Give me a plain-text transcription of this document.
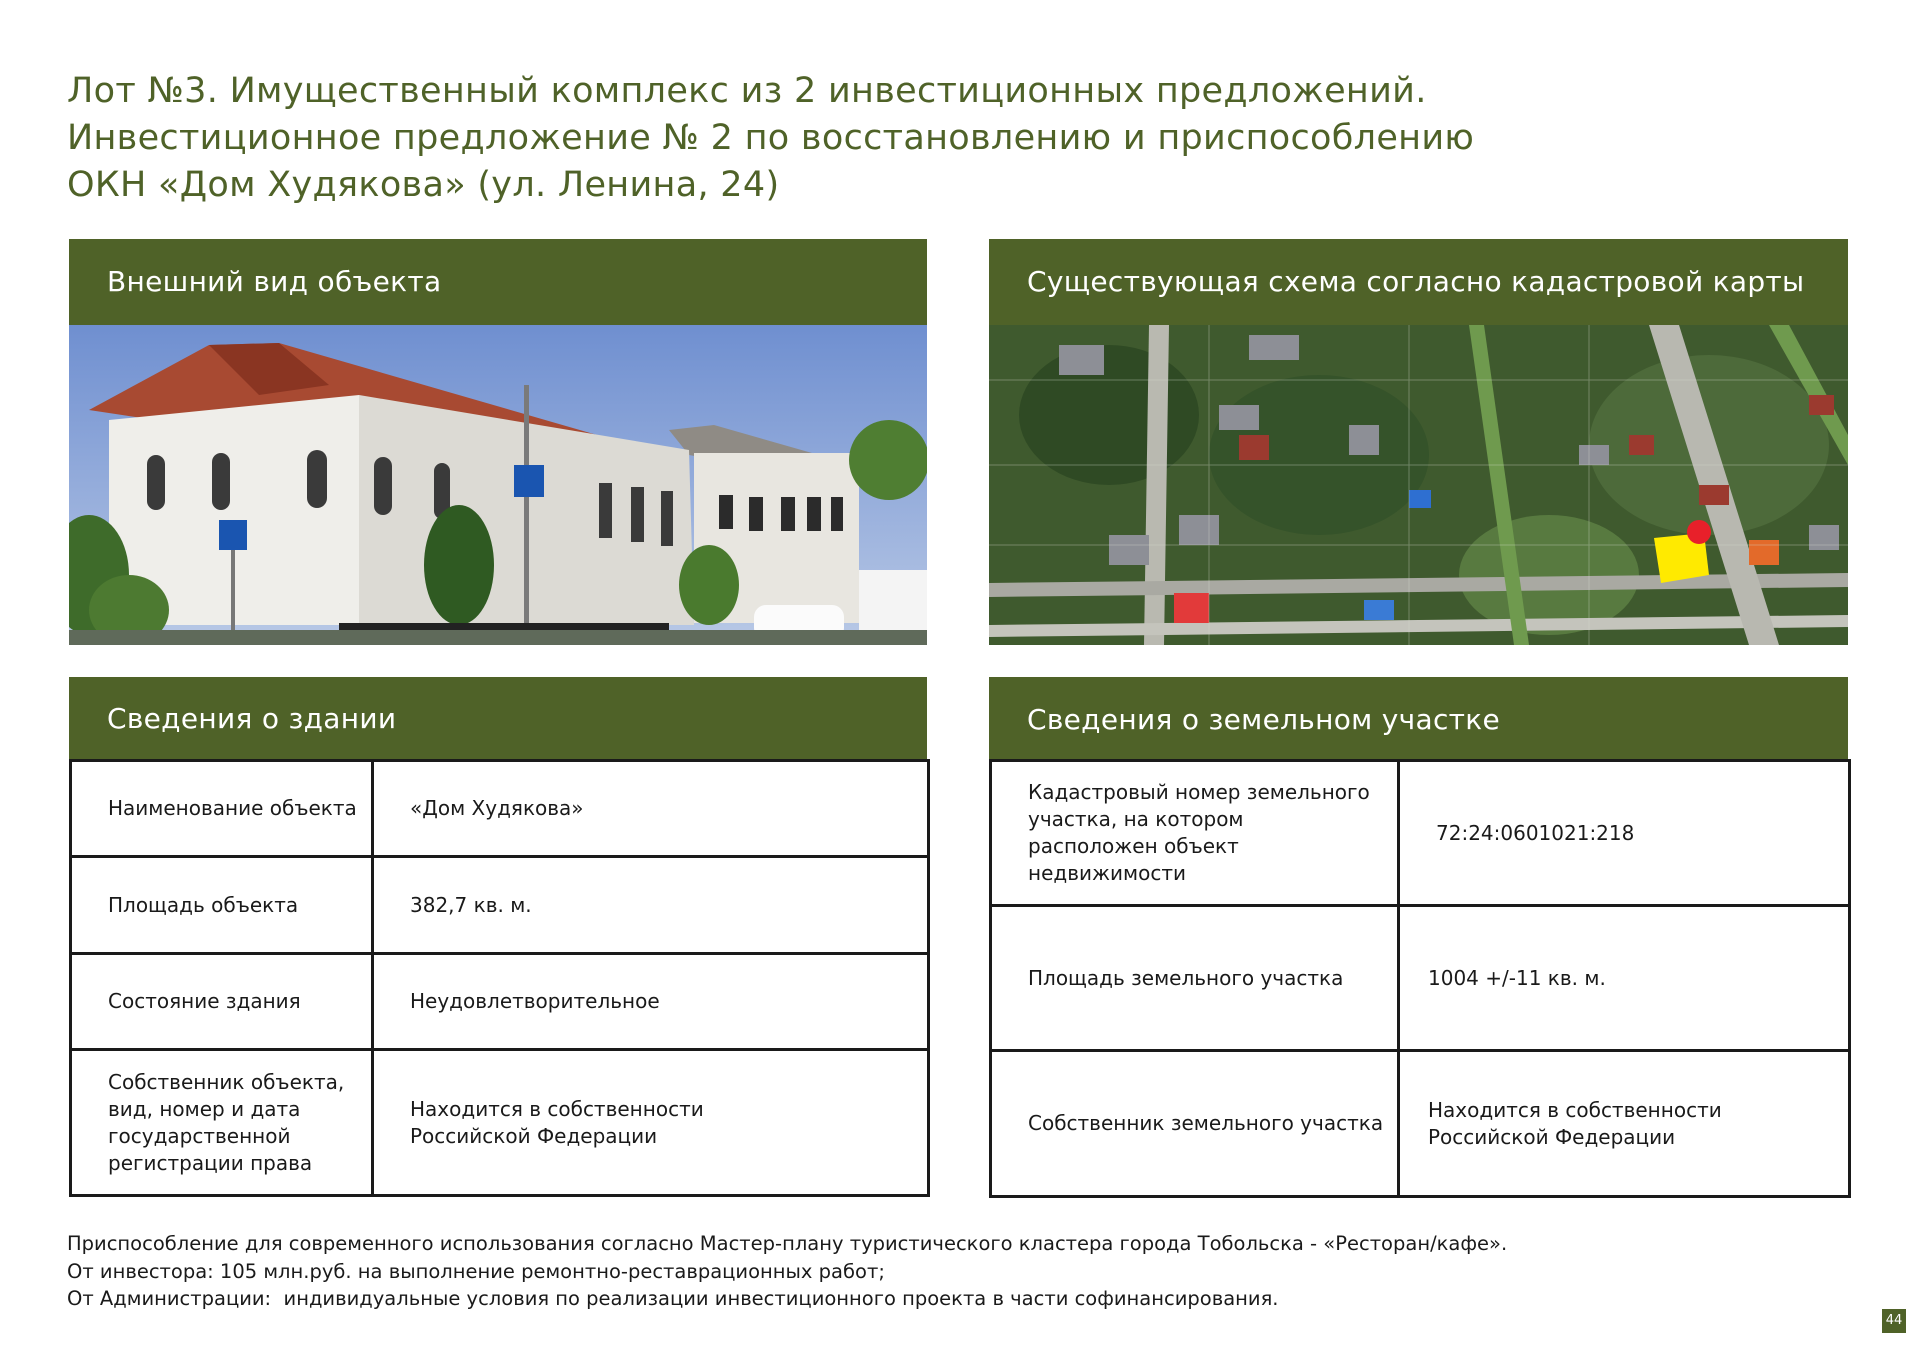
Лот №3. Имущественный комплекс из 2 инвестиционных предложений.
Инвестиционное предложение № 2 по восстановлению и приспособлению
ОКН «Дом Худякова» (ул. Ленина, 24)
Внешний вид объекта	Существующая схема согласно кадастровой карты
Сведения о здании
Наименование объекта	«Дом Худякова»
Площадь объекта	382,7 кв. м.
Состояние здания	Неудовлетворительное
Собственник объекта, вид, номер и дата государственной регистрации права	Находится в собственности Российской Федерации
Сведения о земельном участке
Кадастровый номер земельного участка, на котором расположен объект недвижимости	72:24:0601021:218
Площадь земельного участка	1004 +/-11 кв. м.
Собственник земельного участка	Находится в собственности Российской Федерации
Приспособление для современного использования согласно Мастер-плану туристического кластера города Тобольска - «Ресторан/кафе».
От инвестора: 105 млн.руб. на выполнение ремонтно-реставрационных работ;
От Администрации:  индивидуальные условия по реализации инвестиционного проекта в части софинансирования.
44
